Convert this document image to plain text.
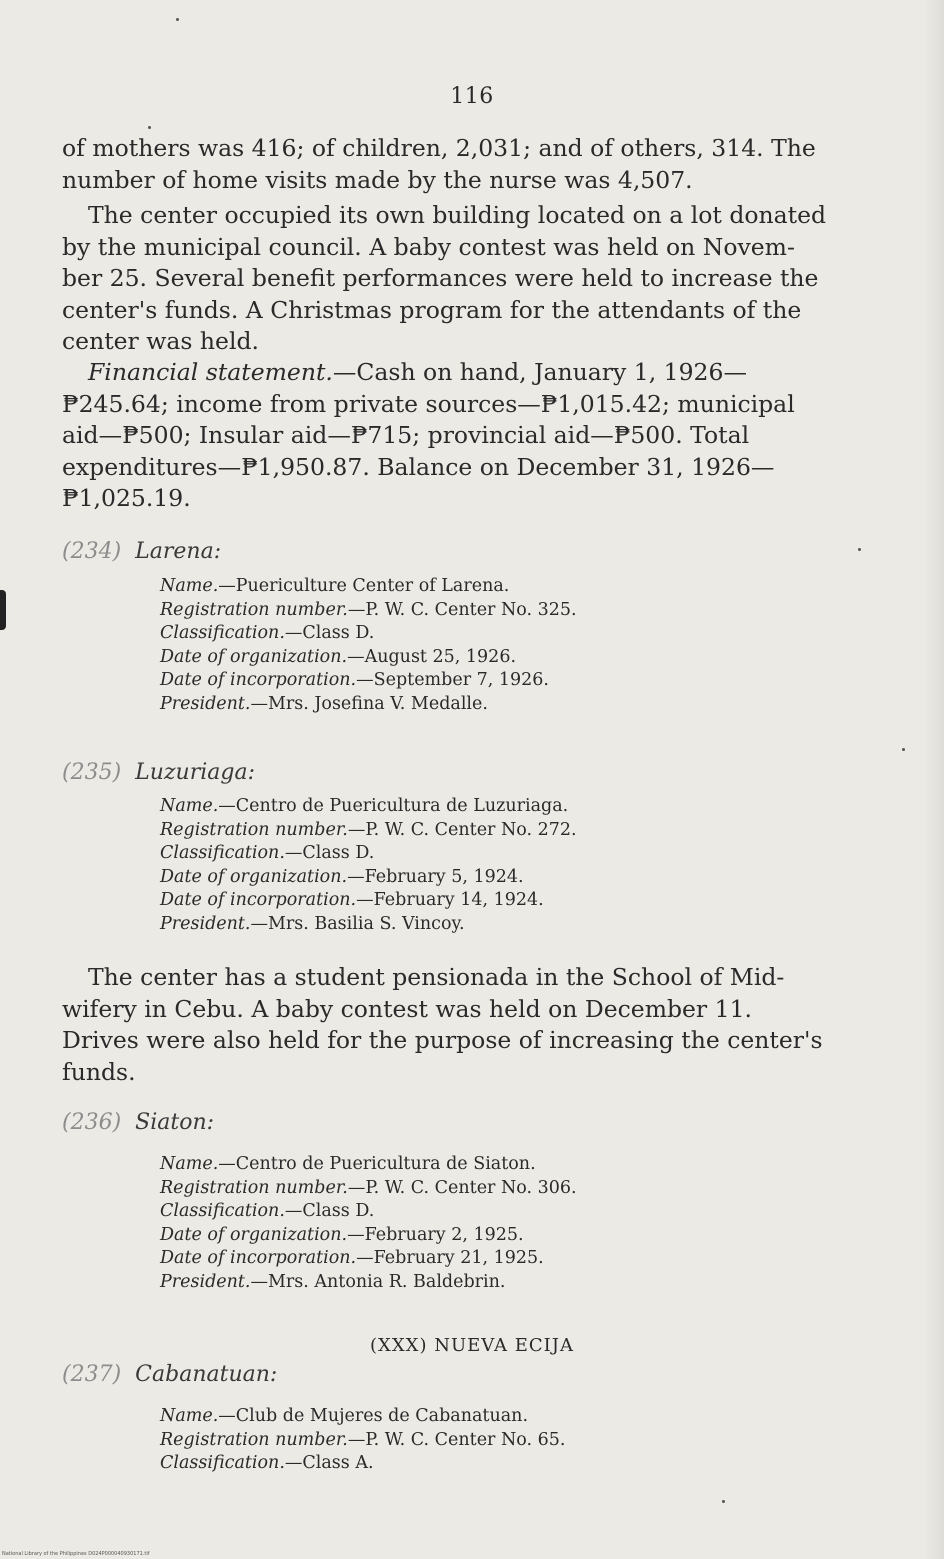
116
of mothers was 416; of children, 2,031; and of others, 314. The
number of home visits made by the nurse was 4,507.
The center occupied its own building located on a lot donated
by the municipal council. A baby contest was held on Novem-
ber 25. Several benefit performances were held to increase the
center's funds. A Christmas program for the attendants of the
center was held.
Financial statement.—Cash on hand, January 1, 1926—
₱245.64; income from private sources—₱1,015.42; municipal
aid—₱500; Insular aid—₱715; provincial aid—₱500. Total
expenditures—₱1,950.87. Balance on December 31, 1926—
₱1,025.19.
(234) Larena:
Name.—Puericulture Center of Larena.
Registration number.—P. W. C. Center No. 325.
Classification.—Class D.
Date of organization.—August 25, 1926.
Date of incorporation.—September 7, 1926.
President.—Mrs. Josefina V. Medalle.
(235) Luzuriaga:
Name.—Centro de Puericultura de Luzuriaga.
Registration number.—P. W. C. Center No. 272.
Classification.—Class D.
Date of organization.—February 5, 1924.
Date of incorporation.—February 14, 1924.
President.—Mrs. Basilia S. Vincoy.
The center has a student pensionada in the School of Mid-
wifery in Cebu. A baby contest was held on December 11.
Drives were also held for the purpose of increasing the center's
funds.
(236) Siaton:
Name.—Centro de Puericultura de Siaton.
Registration number.—P. W. C. Center No. 306.
Classification.—Class D.
Date of organization.—February 2, 1925.
Date of incorporation.—February 21, 1925.
President.—Mrs. Antonia R. Baldebrin.
(XXX) NUEVA ECIJA
(237) Cabanatuan:
Name.—Club de Mujeres de Cabanatuan.
Registration number.—P. W. C. Center No. 65.
Classification.—Class A.
National Library of the Philippines D024P000040930171.tif
